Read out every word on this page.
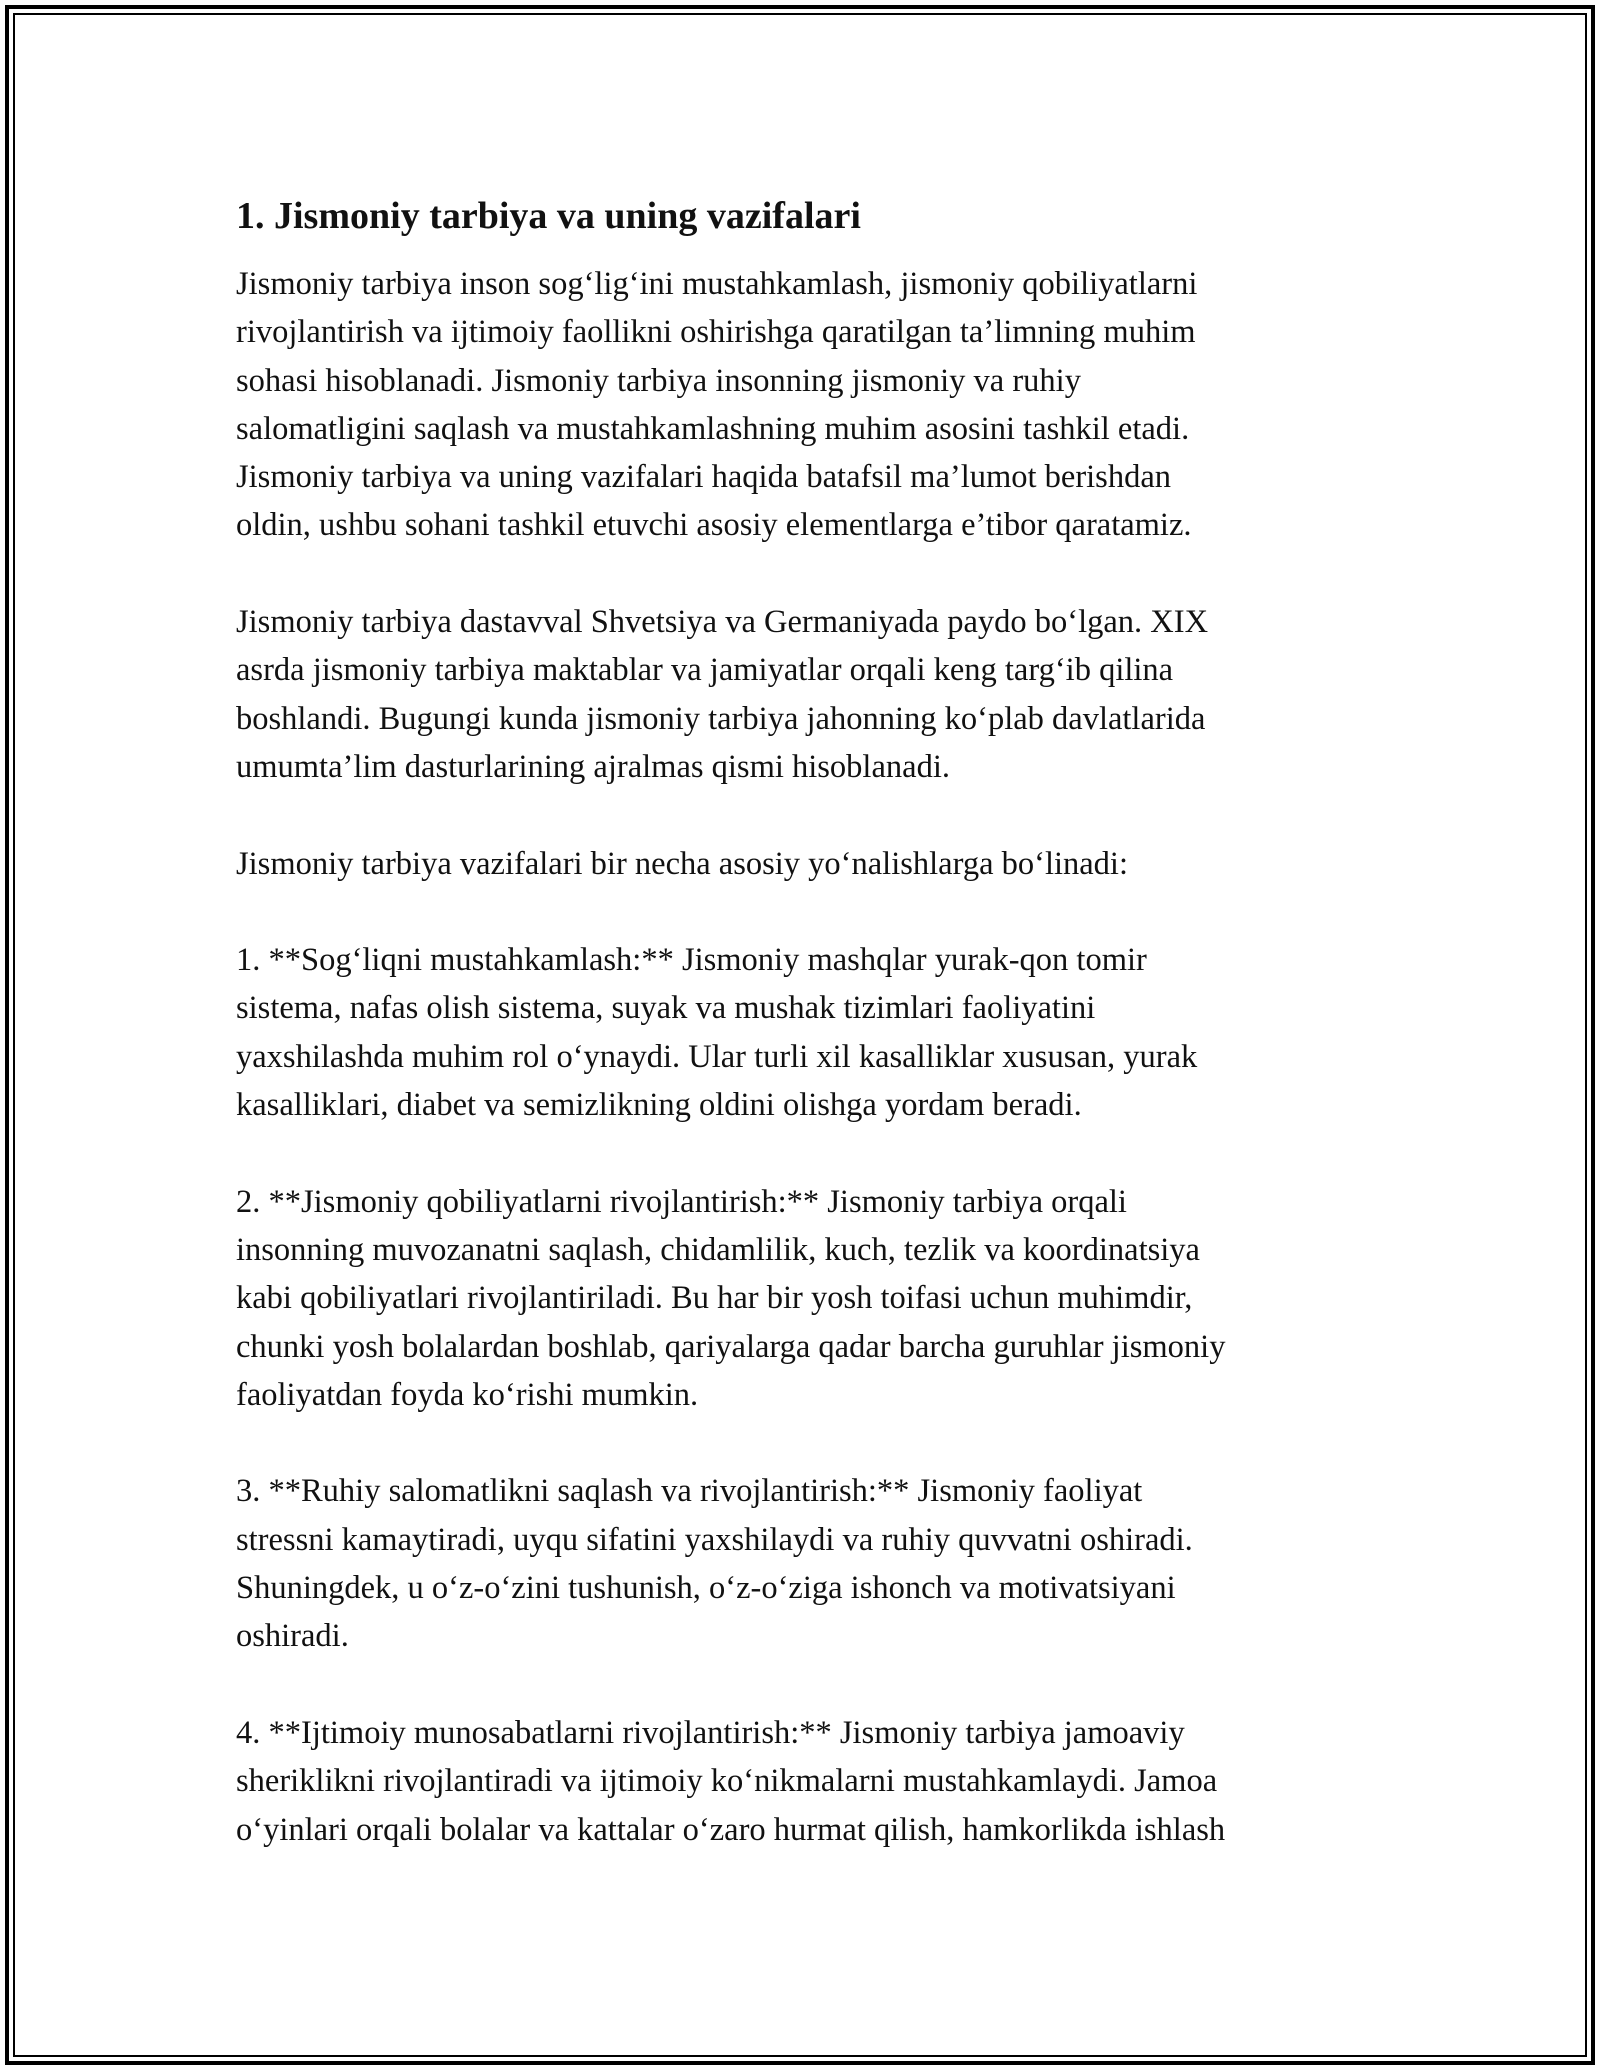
1. Jismoniy tarbiya va uning vazifalari

Jismoniy tarbiya inson sog‘lig‘ini mustahkamlash, jismoniy qobiliyatlarni
rivojlantirish va ijtimoiy faollikni oshirishga qaratilgan ta’limning muhim
sohasi hisoblanadi. Jismoniy tarbiya insonning jismoniy va ruhiy
salomatligini saqlash va mustahkamlashning muhim asosini tashkil etadi.
Jismoniy tarbiya va uning vazifalari haqida batafsil ma’lumot berishdan
oldin, ushbu sohani tashkil etuvchi asosiy elementlarga e’tibor qaratamiz.

Jismoniy tarbiya dastavval Shvetsiya va Germaniyada paydo bo‘lgan. XIX
asrda jismoniy tarbiya maktablar va jamiyatlar orqali keng targ‘ib qilina
boshlandi. Bugungi kunda jismoniy tarbiya jahonning ko‘plab davlatlarida
umumta’lim dasturlarining ajralmas qismi hisoblanadi.

Jismoniy tarbiya vazifalari bir necha asosiy yo‘nalishlarga bo‘linadi:

1. **Sog‘liqni mustahkamlash:** Jismoniy mashqlar yurak-qon tomir
sistema, nafas olish sistema, suyak va mushak tizimlari faoliyatini
yaxshilashda muhim rol o‘ynaydi. Ular turli xil kasalliklar xususan, yurak
kasalliklari, diabet va semizlikning oldini olishga yordam beradi.

2. **Jismoniy qobiliyatlarni rivojlantirish:** Jismoniy tarbiya orqali
insonning muvozanatni saqlash, chidamlilik, kuch, tezlik va koordinatsiya
kabi qobiliyatlari rivojlantiriladi. Bu har bir yosh toifasi uchun muhimdir,
chunki yosh bolalardan boshlab, qariyalarga qadar barcha guruhlar jismoniy
faoliyatdan foyda ko‘rishi mumkin.

3. **Ruhiy salomatlikni saqlash va rivojlantirish:** Jismoniy faoliyat
stressni kamaytiradi, uyqu sifatini yaxshilaydi va ruhiy quvvatni oshiradi.
Shuningdek, u o‘z-o‘zini tushunish, o‘z-o‘ziga ishonch va motivatsiyani
oshiradi.

4. **Ijtimoiy munosabatlarni rivojlantirish:** Jismoniy tarbiya jamoaviy
sheriklikni rivojlantiradi va ijtimoiy ko‘nikmalarni mustahkamlaydi. Jamoa
o‘yinlari orqali bolalar va kattalar o‘zaro hurmat qilish, hamkorlikda ishlash
